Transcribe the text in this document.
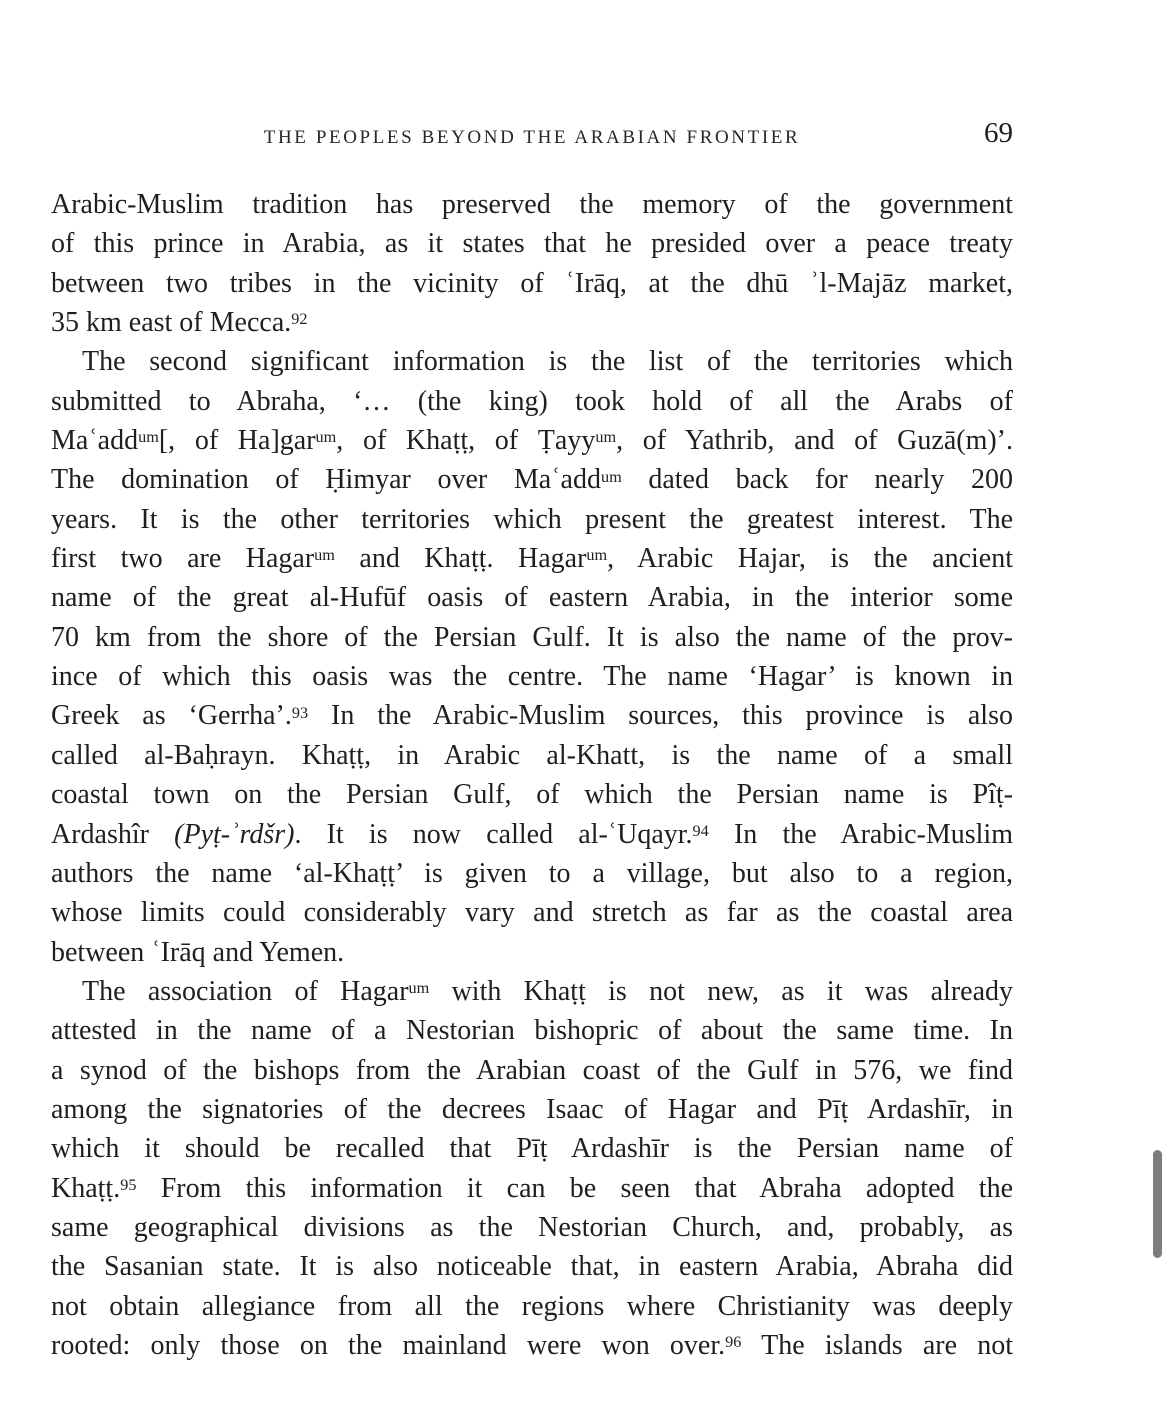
THE PEOPLES BEYOND THE ARABIAN FRONTIER	69
Arabic-Muslim tradition has preserved the memory of the government
of this prince in Arabia, as it states that he presided over a peace treaty
between two tribes in the vicinity of ʿIrāq, at the dhū ʾl-Majāz market,
35 km east of Mecca.$^{92}$
The second significant information is the list of the territories which
submitted to Abraha, ‘… (the king) took hold of all the Arabs of
Maʿadd$^{um}$[, of Ha]gar$^{um}$, of Khaṭṭ, of Ṭayy$^{um}$, of Yathrib, and of Guzā(m)’.
The domination of Ḥimyar over Maʿadd$^{um}$ dated back for nearly 200
years. It is the other territories which present the greatest interest. The
first two are Hagar$^{um}$ and Khaṭṭ. Hagar$^{um}$, Arabic Hajar, is the ancient
name of the great al-Hufūf oasis of eastern Arabia, in the interior some
70 km from the shore of the Persian Gulf. It is also the name of the prov-
ince of which this oasis was the centre. The name ‘Hagar’ is known in
Greek as ‘Gerrha’.$^{93}$ In the Arabic-Muslim sources, this province is also
called al-Baḥrayn. Khaṭṭ, in Arabic al-Khatt, is the name of a small
coastal town on the Persian Gulf, of which the Persian name is Pîṭ-
Ardashîr (Pyṭ-ʾrdšr). It is now called al-ʿUqayr.$^{94}$ In the Arabic-Muslim
authors the name ‘al-Khaṭṭ’ is given to a village, but also to a region,
whose limits could considerably vary and stretch as far as the coastal area
between ʿIrāq and Yemen.
The association of Hagar$^{um}$ with Khaṭṭ is not new, as it was already
attested in the name of a Nestorian bishopric of about the same time. In
a synod of the bishops from the Arabian coast of the Gulf in 576, we find
among the signatories of the decrees Isaac of Hagar and Pīṭ Ardashīr, in
which it should be recalled that Pīṭ Ardashīr is the Persian name of
Khaṭṭ.$^{95}$ From this information it can be seen that Abraha adopted the
same geographical divisions as the Nestorian Church, and, probably, as
the Sasanian state. It is also noticeable that, in eastern Arabia, Abraha did
not obtain allegiance from all the regions where Christianity was deeply
rooted: only those on the mainland were won over.$^{96}$ The islands are not
